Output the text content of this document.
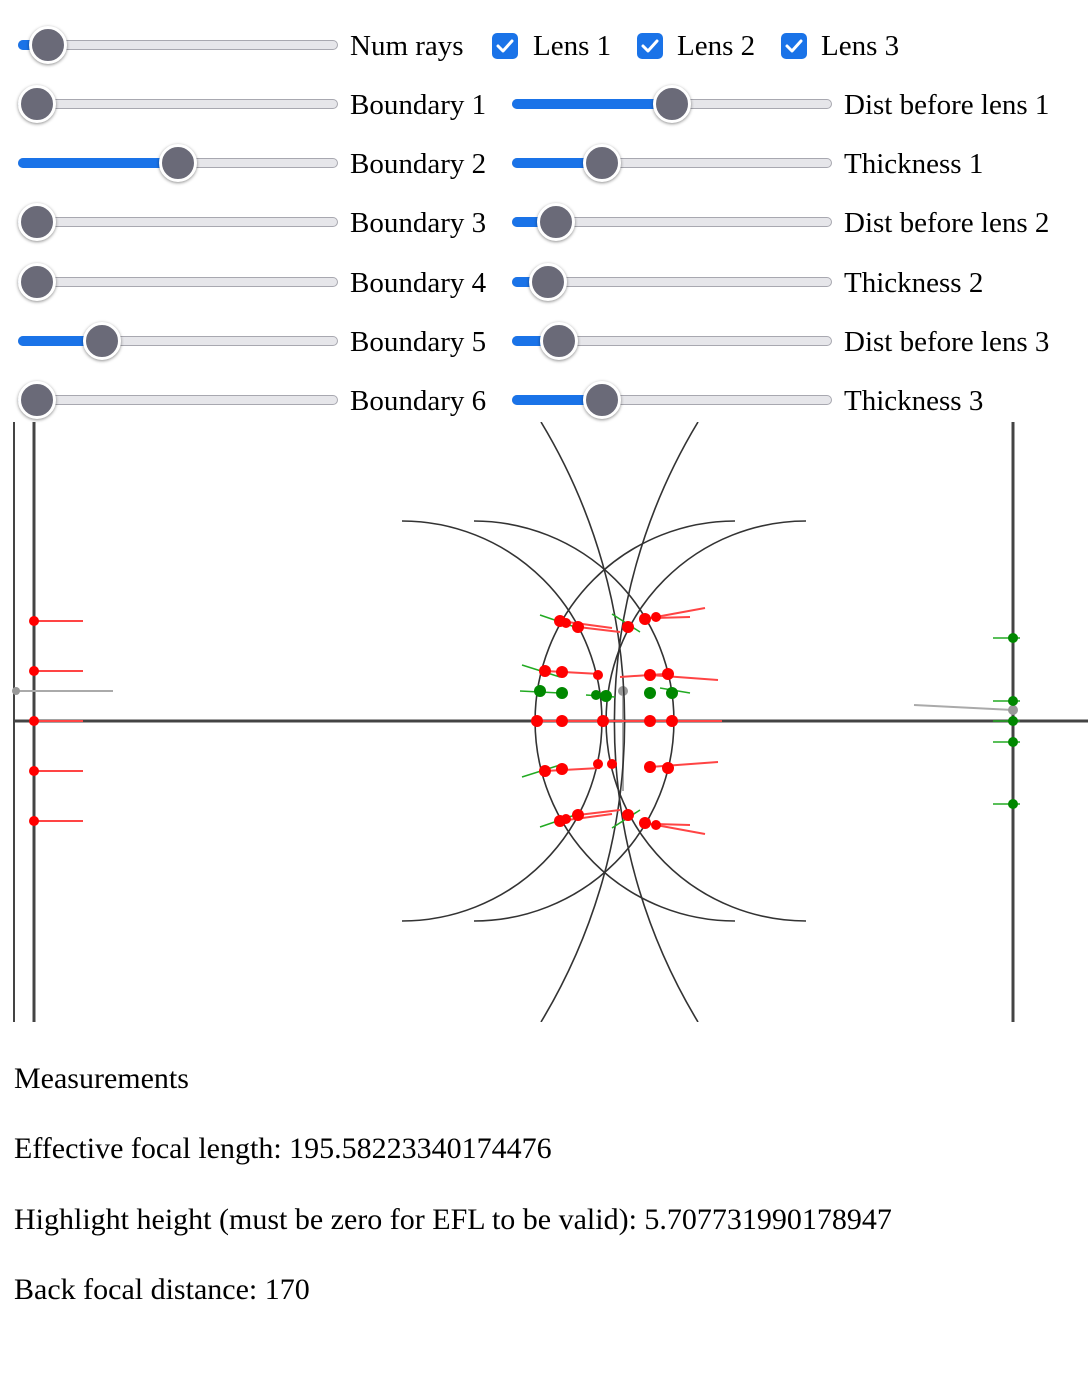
Num rays Lens 1 Lens 2 Lens 3
Boundary 1	Dist before lens 1
Boundary 2	Thickness 1
Boundary 3	Dist before lens 2
Boundary 4	Thickness 2
Boundary 5	Dist before lens 3
Boundary 6	Thickness 3
Measurements
Effective focal length: 195.58223340174476
Highlight height (must be zero for EFL to be valid): 5.707731990178947
Back focal distance: 170
